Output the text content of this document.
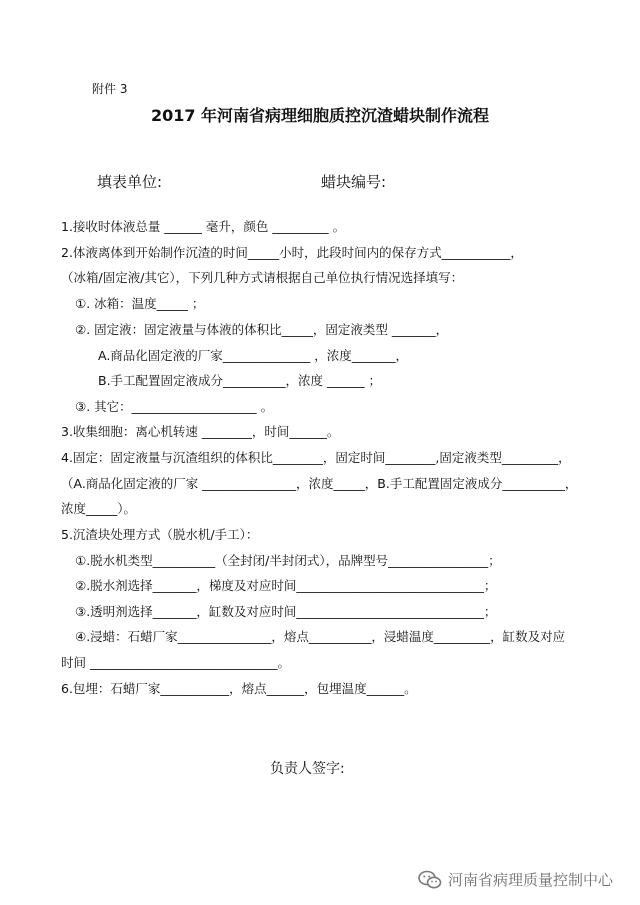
附件 3
2017 年河南省病理细胞质控沉渣蜡块制作流程
填表单位:	蜡块编号:
1.接收时体液总量 ______ 毫升，颜色 _________ 。
2.体液离体到开始制作沉渣的时间_____小时，此段时间内的保存方式___________，
（冰箱/固定液/其它），下列几种方式请根据自己单位执行情况选择填写：
①. 冰箱：温度_____ ；
②. 固定液：固定液量与体液的体积比_____，固定液类型 _______，
A.商品化固定液的厂家______________ ，浓度_______，
B.手工配置固定液成分__________，浓度 ______ ；
③. 其它：____________________ 。
3.收集细胞：离心机转速 ________，时间______。
4.固定：固定液量与沉渣组织的体积比________，固定时间________,固定液类型_________，
（A.商品化固定液的厂家 _______________，浓度_____，B.手工配置固定液成分__________，
浓度_____）。
5.沉渣块处理方式（脱水机/手工）：
①.脱水机类型__________（全封闭/半封闭式），品牌型号________________；
②.脱水剂选择_______，梯度及对应时间______________________________；
③.透明剂选择_______，缸数及对应时间______________________________；
④.浸蜡：石蜡厂家_______________，熔点__________，浸蜡温度_________，缸数及对应
时间 ______________________________。
6.包埋：石蜡厂家___________，熔点______，包埋温度______。
负责人签字:
河南省病理质量控制中心
